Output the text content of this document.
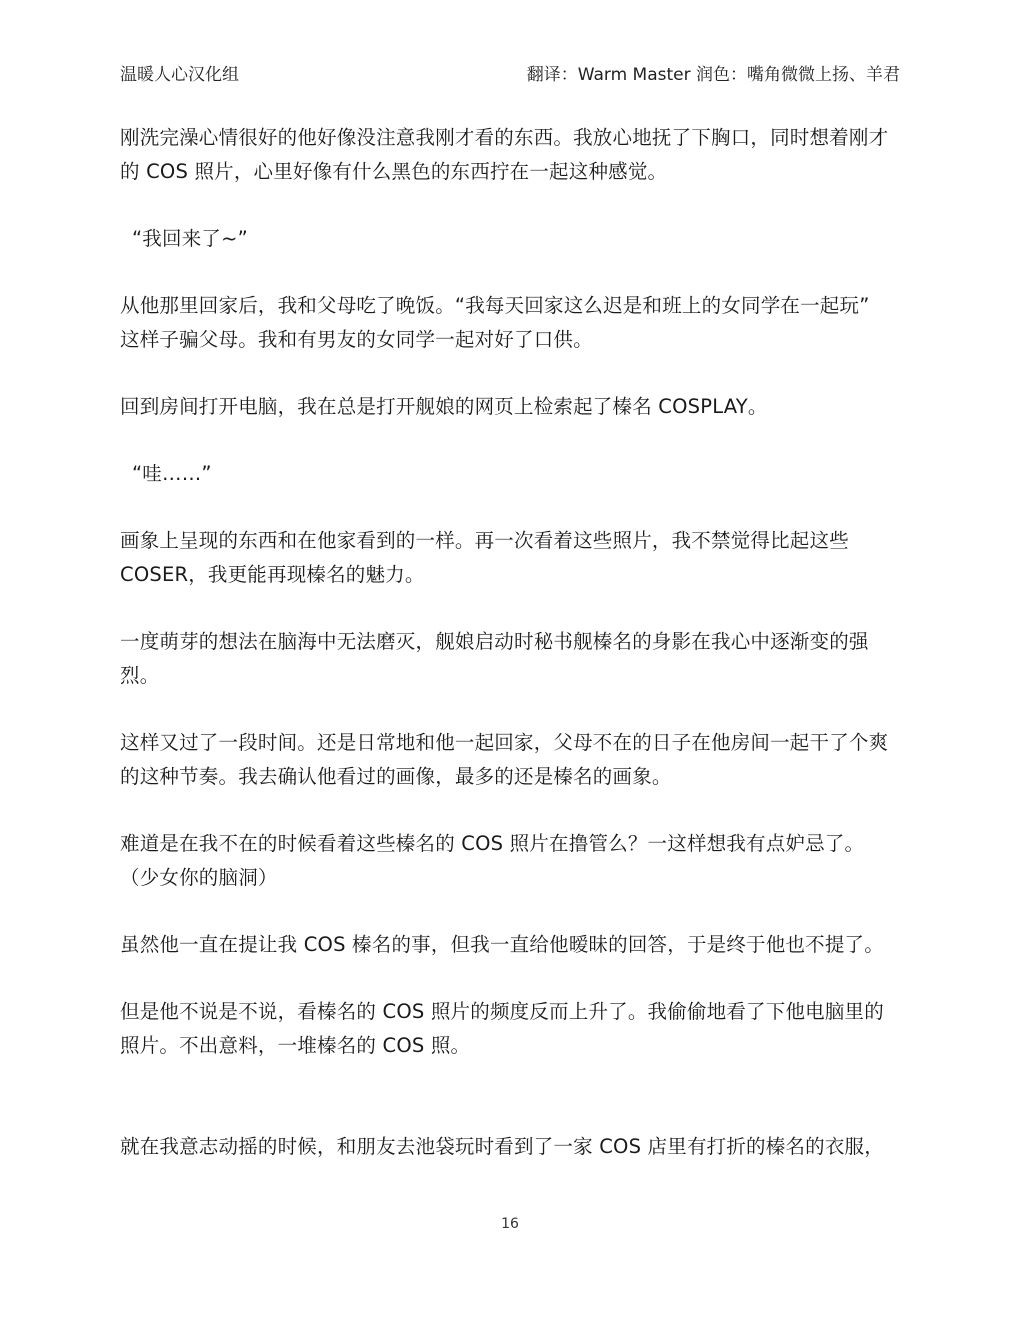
温暖人心汉化组	翻译：Warm Master 润色：嘴角微微上扬、羊君

刚洗完澡心情很好的他好像没注意我刚才看的东西。我放心地抚了下胸口，同时想着刚才
的 COS 照片，心里好像有什么黑色的东西拧在一起这种感觉。

“我回来了~”

从他那里回家后，我和父母吃了晚饭。“我每天回家这么迟是和班上的女同学在一起玩”
这样子骗父母。我和有男友的女同学一起对好了口供。

回到房间打开电脑，我在总是打开舰娘的网页上检索起了榛名 COSPLAY。

“哇……”

画象上呈现的东西和在他家看到的一样。再一次看着这些照片，我不禁觉得比起这些
COSER，我更能再现榛名的魅力。

一度萌芽的想法在脑海中无法磨灭，舰娘启动时秘书舰榛名的身影在我心中逐渐变的强
烈。

这样又过了一段时间。还是日常地和他一起回家，父母不在的日子在他房间一起干了个爽
的这种节奏。我去确认他看过的画像，最多的还是榛名的画象。

难道是在我不在的时候看着这些榛名的 COS 照片在撸管么？一这样想我有点妒忌了。
（少女你的脑洞）

虽然他一直在提让我 COS 榛名的事，但我一直给他暧昧的回答，于是终于他也不提了。

但是他不说是不说，看榛名的 COS 照片的频度反而上升了。我偷偷地看了下他电脑里的
照片。不出意料，一堆榛名的 COS 照。

就在我意志动摇的时候，和朋友去池袋玩时看到了一家 COS 店里有打折的榛名的衣服，

16
